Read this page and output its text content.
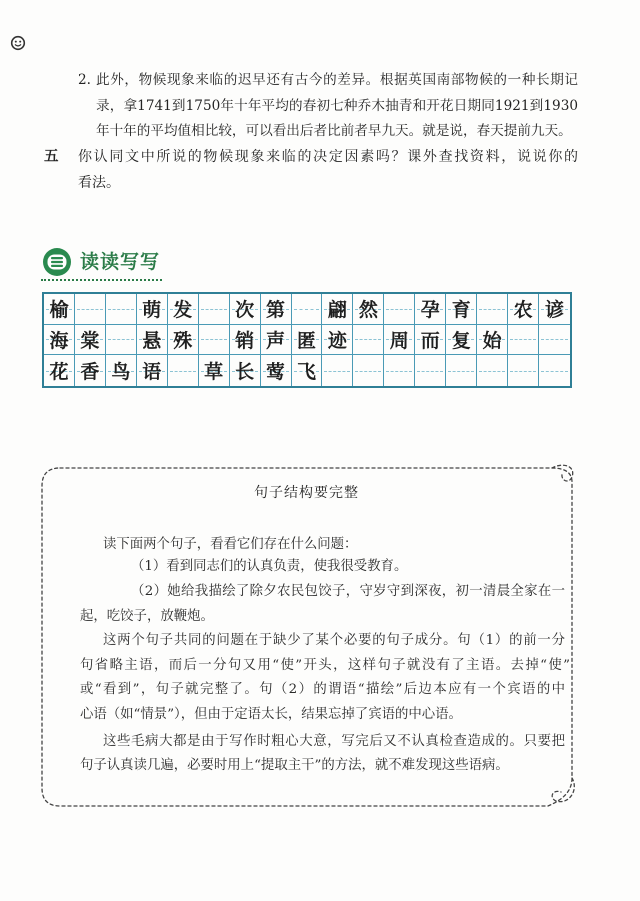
2. 此外，物候现象来临的迟早还有古今的差异。根据英国南部物候的一种长期记
录，拿1741到1750年十年平均的春初七种乔木抽青和开花日期同1921到1930
年十年的平均值相比较，可以看出后者比前者早九天。就是说，春天提前九天。
五 你认同文中所说的物候现象来临的决定因素吗？课外查找资料，说说你的
看法。
读读写写
榆	萌 发	次 第	翩 然	孕 育	农 谚
海 棠	悬 殊	销 声 匿 迹	周 而 复 始
花 香 鸟 语	草 长 莺 飞
句子结构要完整
读下面两个句子，看看它们存在什么问题：
（1）看到同志们的认真负责，使我很受教育。
（2）她给我描绘了除夕农民包饺子，守岁守到深夜，初一清晨全家在一
起，吃饺子，放鞭炮。
这两个句子共同的问题在于缺少了某个必要的句子成分。句（1）的前一分
句省略主语，而后一分句又用“使”开头，这样句子就没有了主语。去掉“使”
或“看到”，句子就完整了。句（2）的谓语“描绘”后边本应有一个宾语的中
心语（如“情景”），但由于定语太长，结果忘掉了宾语的中心语。
这些毛病大都是由于写作时粗心大意，写完后又不认真检查造成的。只要把
句子认真读几遍，必要时用上“提取主干”的方法，就不难发现这些语病。
